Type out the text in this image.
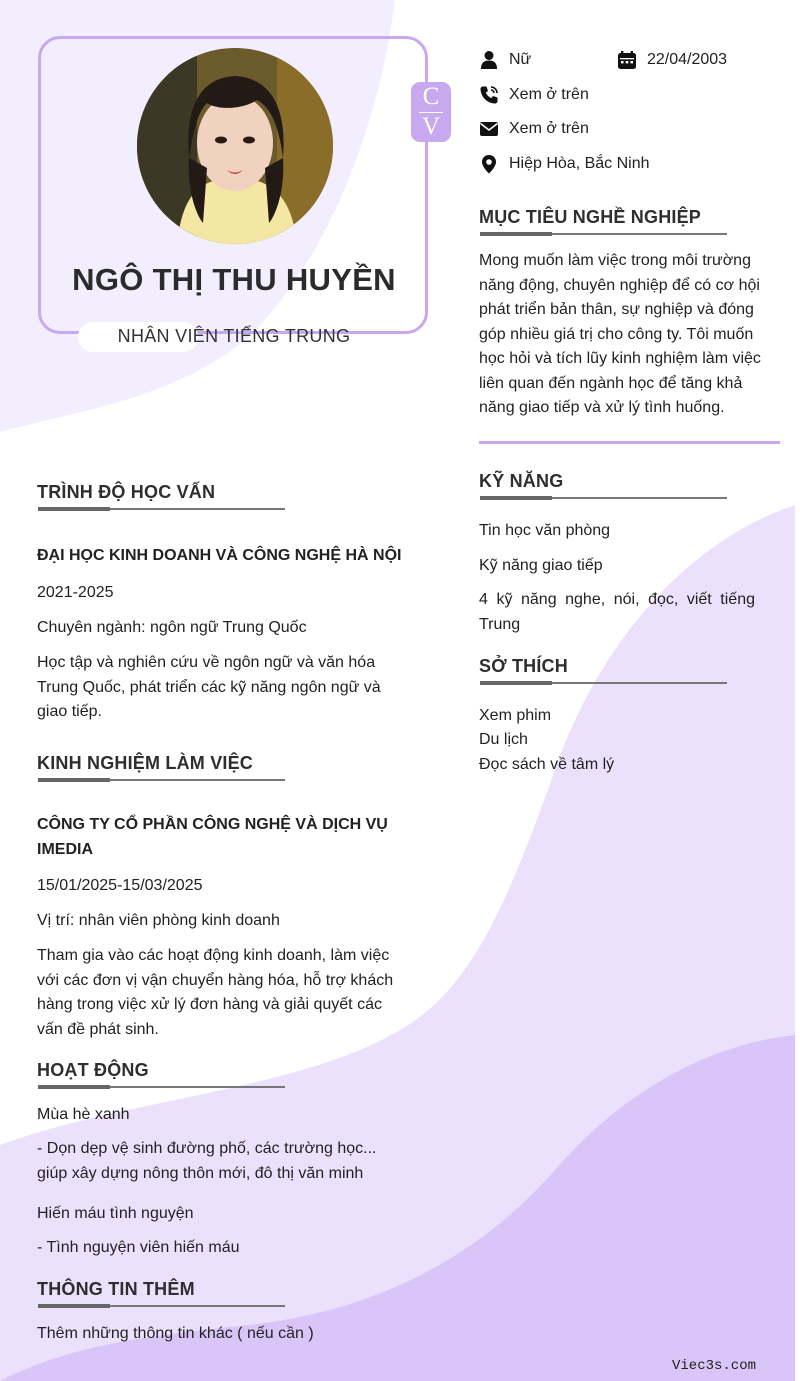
NGÔ THỊ THU HUYỀN
NHÂN VIÊN TIẾNG TRUNG
C
V
Nữ	22/04/2003
Xem ở trên
Xem ở trên
Hiệp Hòa, Bắc Ninh
MỤC TIÊU NGHỀ NGHIỆP

Mong muốn làm việc trong môi trường năng động, chuyên nghiệp để có cơ hội phát triển bản thân, sự nghiệp và đóng góp nhiều giá trị cho công ty. Tôi muốn học hỏi và tích lũy kinh nghiệm làm việc liên quan đến ngành học để tăng khả năng giao tiếp và xử lý tình huống.

KỸ NĂNG

Tin học văn phòng

Kỹ năng giao tiếp

4 kỹ năng nghe, nói, đọc, viết tiếng Trung

SỞ THÍCH

Xem phim

Du lịch

Đọc sách về tâm lý

TRÌNH ĐỘ HỌC VẤN

ĐẠI HỌC KINH DOANH VÀ CÔNG NGHỆ HÀ NỘI

2021-2025

Chuyên ngành: ngôn ngữ Trung Quốc

Học tập và nghiên cứu về ngôn ngữ và văn hóa Trung Quốc, phát triển các kỹ năng ngôn ngữ và giao tiếp.

KINH NGHIỆM LÀM VIỆC

CÔNG TY CỔ PHẦN CÔNG NGHỆ VÀ DỊCH VỤ IMEDIA

15/01/2025-15/03/2025

Vị trí: nhân viên phòng kinh doanh

Tham gia vào các hoạt động kinh doanh, làm việc với các đơn vị vận chuyển hàng hóa, hỗ trợ khách hàng trong việc xử lý đơn hàng và giải quyết các vấn đề phát sinh.

HOẠT ĐỘNG

Mùa hè xanh

- Dọn dẹp vệ sinh đường phố, các trường học... giúp xây dựng nông thôn mới, đô thị văn minh

Hiến máu tình nguyện

- Tình nguyện viên hiến máu

THÔNG TIN THÊM

Thêm những thông tin khác ( nếu cần )

Viec3s.com
